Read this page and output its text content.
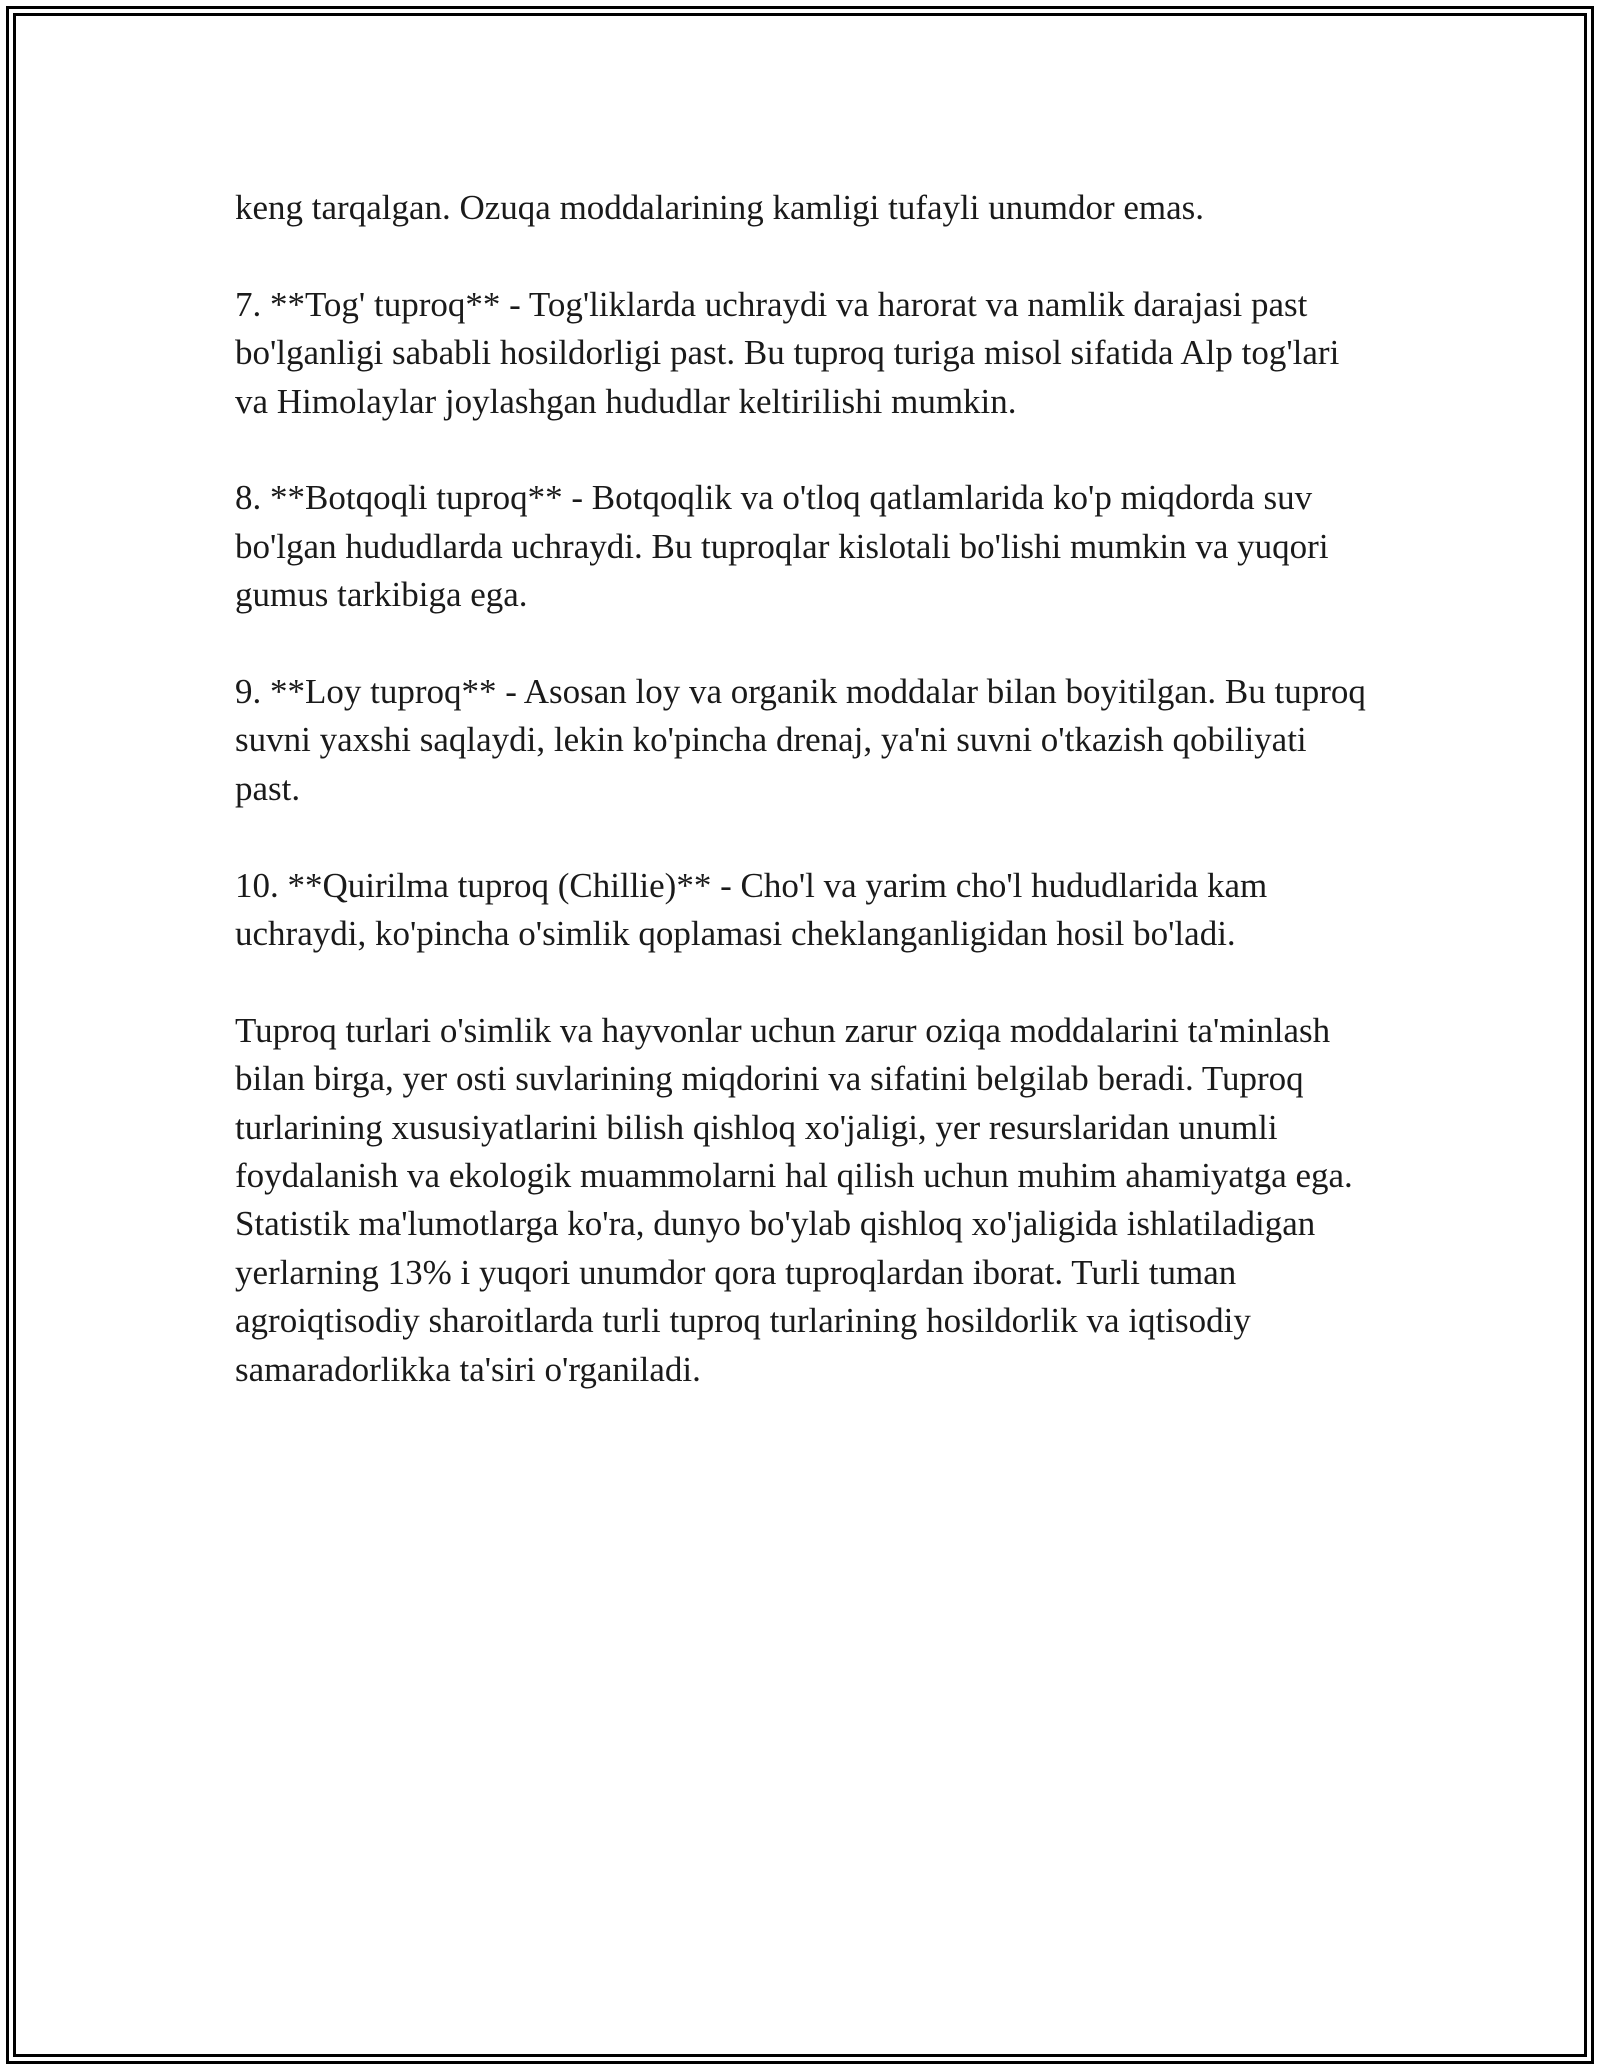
keng tarqalgan. Ozuqa moddalarining kamligi tufayli unumdor emas.

7. **Tog' tuproq** - Tog'liklarda uchraydi va harorat va namlik darajasi past bo'lganligi sababli hosildorligi past. Bu tuproq turiga misol sifatida Alp tog'lari va Himolaylar joylashgan hududlar keltirilishi mumkin.

8. **Botqoqli tuproq** - Botqoqlik va o'tloq qatlamlarida ko'p miqdorda suv bo'lgan hududlarda uchraydi. Bu tuproqlar kislotali bo'lishi mumkin va yuqori gumus tarkibiga ega.

9. **Loy tuproq** - Asosan loy va organik moddalar bilan boyitilgan. Bu tuproq suvni yaxshi saqlaydi, lekin ko'pincha drenaj, ya'ni suvni o'tkazish qobiliyati past.

10. **Quirilma tuproq (Chillie)** - Cho'l va yarim cho'l hududlarida kam uchraydi, ko'pincha o'simlik qoplamasi cheklanganligidan hosil bo'ladi.

Tuproq turlari o'simlik va hayvonlar uchun zarur oziqa moddalarini ta'minlash bilan birga, yer osti suvlarining miqdorini va sifatini belgilab beradi. Tuproq turlarining xususiyatlarini bilish qishloq xo'jaligi, yer resurslaridan unumli foydalanish va ekologik muammolarni hal qilish uchun muhim ahamiyatga ega. Statistik ma'lumotlarga ko'ra, dunyo bo'ylab qishloq xo'jaligida ishlatiladigan yerlarning 13% i yuqori unumdor qora tuproqlardan iborat. Turli tuman agroiqtisodiy sharoitlarda turli tuproq turlarining hosildorlik va iqtisodiy samaradorlikka ta'siri o'rganiladi.
